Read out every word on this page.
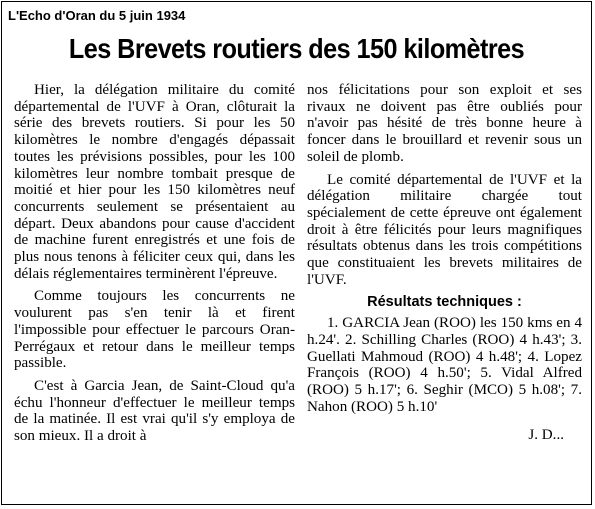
L'Echo d'Oran du 5 juin 1934
Les Brevets routiers des 150 kilomètres

Hier, la délégation militaire du comité départemental de l'UVF à Oran, clôturait la série des brevets routiers. Si pour les 50 kilomètres le nombre d'engagés dépassait toutes les prévisions possibles, pour les 100 kilomètres leur nombre tombait presque de moitié et hier pour les 150 kilomètres neuf concurrents seulement se présentaient au départ. Deux abandons pour cause d'accident de machine furent enregistrés et une fois de plus nous tenons à féliciter ceux qui, dans les délais réglementaires terminèrent l'épreuve.

Comme toujours les concurrents ne voulurent pas s'en tenir là et firent l'impossible pour effectuer le parcours Oran-Perrégaux et retour dans le meilleur temps passible.

C'est à Garcia Jean, de Saint-Cloud qu'a échu l'honneur d'effectuer le meilleur temps de la matinée. Il est vrai qu'il s'y employa de son mieux. Il a droit à

nos félicitations pour son exploit et ses rivaux ne doivent pas être oubliés pour n'avoir pas hésité de très bonne heure à foncer dans le brouillard et revenir sous un soleil de plomb.

Le comité départemental de l'UVF et la délégation militaire chargée tout spécialement de cette épreuve ont également droit à être félicités pour leurs magnifiques résultats obtenus dans les trois compétitions que constituaient les brevets militaires de l'UVF.

Résultats techniques :

1. GARCIA Jean (ROO) les 150 kms en 4 h.24'. 2. Schilling Charles (ROO) 4 h.43'; 3. Guellati Mahmoud (ROO) 4 h.48'; 4. Lopez François (ROO) 4 h.50'; 5. Vidal Alfred (ROO) 5 h.17'; 6. Seghir (MCO) 5 h.08'; 7. Nahon (ROO) 5 h.10'

J. D...
